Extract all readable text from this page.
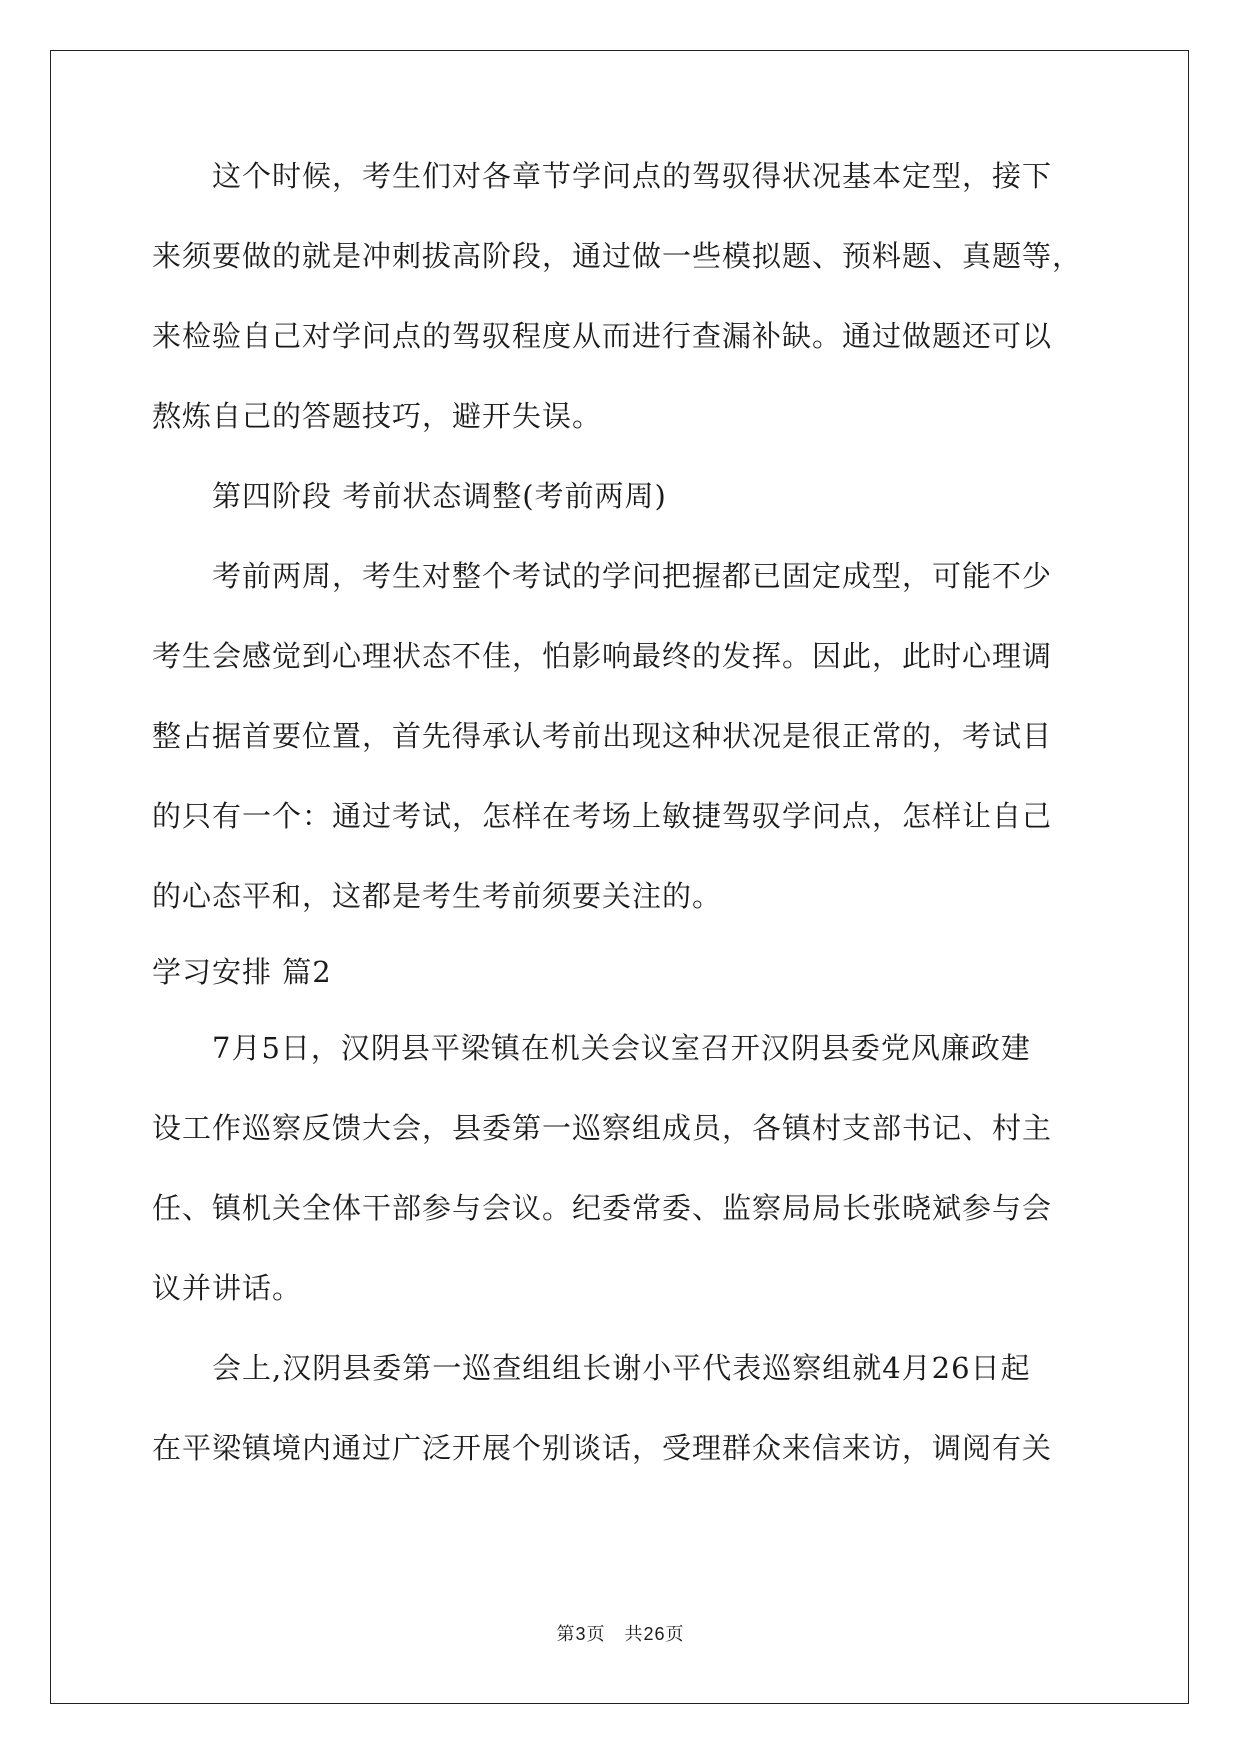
　　这个时候，考生们对各章节学问点的驾驭得状况基本定型，接下
来须要做的就是冲刺拔高阶段，通过做一些模拟题、预料题、真题等，
来检验自己对学问点的驾驭程度从而进行查漏补缺。通过做题还可以
熬炼自己的答题技巧，避开失误。
　　第四阶段 考前状态调整(考前两周)
　　考前两周，考生对整个考试的学问把握都已固定成型，可能不少
考生会感觉到心理状态不佳，怕影响最终的发挥。因此，此时心理调
整占据首要位置，首先得承认考前出现这种状况是很正常的，考试目
的只有一个：通过考试，怎样在考场上敏捷驾驭学问点，怎样让自己
的心态平和，这都是考生考前须要关注的。
学习安排 篇2
　　7月5日，汉阴县平梁镇在机关会议室召开汉阴县委党风廉政建
设工作巡察反馈大会，县委第一巡察组成员，各镇村支部书记、村主
任、镇机关全体干部参与会议。纪委常委、监察局局长张晓斌参与会
议并讲话。
　　会上,汉阴县委第一巡查组组长谢小平代表巡察组就4月26日起
在平梁镇境内通过广泛开展个别谈话，受理群众来信来访，调阅有关
第3页　共26页
